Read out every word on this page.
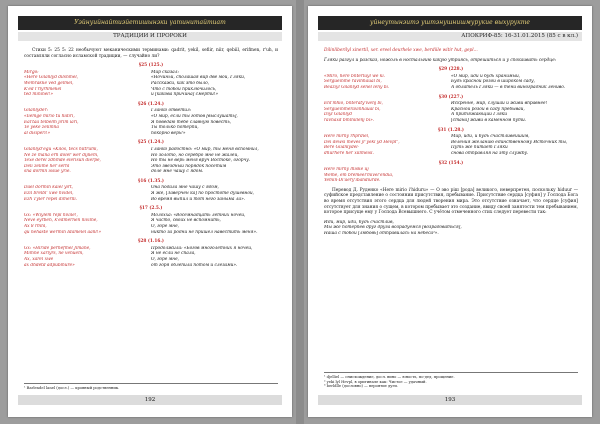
Уэйнуийнайтиэйетишынэки үатинитайтиат
ТРАДИЦИИ И ПРОРОКИ

Стихи 5: 25 5: 22 необычуют меканическими терминами: qadrit, yekil, sefiir, niir, qebiil, erifmen, r'uh, и составляли согласно исламской традиции, — случайно ли?

§25 (125.)
Mirgo:
«Here Gilanlyd dilsnmel,
Wemrakke ved gelmel,
K'ed l'rlyrhmekel
ted mininel!»
Мир сказал:
«Ночиньй, сполашая вир две мой, Гляки,
Расскажи, как это было,
Что с тобой приключилось,
и [какова причина] смерти!»
§26 (1.24.)
Gilanlyder:
«Iiemge mirio tu hidiri,
Eal'taa telbelm jirim iari,
Te yeke zelimna
al disiperi!»
Гланко ответил:
«О мир, если ты готов [выслушать],
Я поведаю тебе славную повесть,
Ты только потерпи,
покорно верь!»
§25 (1.24.)
Gilanlyd'egu «Kilos, tecs hiltrumi,
Ne ze mana erh doler wer dijliem,
Texe derel zdhmde elerisun dierpe,
Deli zelime her sernl
sna dormn issue yrie.
Гланко радостно: «О мир, ты меня вспомнил,
Но золото, но серебро мне не жалей,
Но ты не верь меня вруч Востоке, огорчу.
Это звездный порядок посетим
доле мне чашу с ядом.
§16 (1.35.)
Dael dormin kaiel yirt,
Ezil brelbl' xwe hvidel,
Ezh Tyler repel dimerlli.
Она подала мне чашу с ядом,
Я же, [Заверчен ка] по простоте душевной,
Во время выпил и тот него заныма ла».
§17 (2.5.)
Gx: «Wiylem repl hivile!,
Neve eyrben, k'edmernen nivilne,
Ax 8 rmnl,
qu nehaste wermin Idamelel aanl!»
Молохха: «Восемнадцать летних ночей,
Я часто, своих не вспомнить,
О, горе мне,
никто за родни не пришёл навестить меня».
§28 (1.16.)
Gx: «Hiride perhefmel Jimane,
Mimne xarlyrs, ne venuem,
Ax, xarel xwe
ax dhdetd adpublhure»
Продолжила: «Богов многолетних я ночей,
Я не если не спала,
О, горе мне,
от горя облепила потом и слезами».
¹ Barlendel lanel (досл.) — кровный родственник.
192
уйнеутынэитэ уштэнушнишмурукие выхурукте
АПОКРИФ-85: 16-31.01.2015 (85 с в кл.)

Dilinliberilyl xinertil, xer. ereel deurhele xwe, berdiile witir hut, gepl...

Гляки разгул и разсказ, ножоль в ностальгию какую утриясь, отрешиться и у спокаивать сердце:

§29 (228.)
«Miro, here bnterluyl we ki.
Sergueinme ravinhaual bi,
Beaziyl Gilanlyd senel leny bi.
«О мир, иди и будь хранимый,
Будь красной розой в широком саду,
А облатель Гляки — в тени виноградник лениво.
§30 (227.)
Enl'mhio, bnteraty'ivenj bi,
Sergueinmeravinhaual bi,
Diyl Gilanlyd
ravnaxd bmlnillenj bi».
Искренне, мир, слушай и живи вправнее!
Красной розой в саду пребывай,
А притяжающий Гляки
[стана] живи в каменном пути.
§31 (1.28.)
Here mirny rhprdiel,
Dei dewsi meves jr yekl yd Hevpl",
Bere Giianlydel-
dhurhere her xillmeisl.
Мир, иди, и будь счастливейшим,
Веления желанию единственному Источник ты,
Путь же питает Гляки
снова отправляя на эту службу.
§32 (154.)
Here mirny lhiske uj
Weme, em bremeel'mivel'endia,
Yemin-Di'aery'ibandiurde.

Перевод Д. Руденко «Here mirio i'hiduru» — О эво ріш [рода] великого, неверпретен, поскольку hiduur — суфийское представление о состоянии присутствия, пребывание. Присутствие сердца [суфия] у Господа Бога во время отсутствия этого сердца для людей творения мира. Это отсутствие означает, что сердце [суфия] отсутствует для знания о сущем, в котором пребывает это создание, ввиду своей занятости тем пребыванием, которое присуще ему у Господа Всевышнего. С учётом отмеченного стих следует перевести так:

Иди, мир, иди, будь счастлив,
Мы же потерпев друг друга возрадуемся [возрадоваться],
Наша с тобой [любовь] отправилась на небеса³».
¹ djelliel — снисхождение, досл. вино — юность, по-дед, прощение.
² yeki lyl Hevpl, в оригинале как: Чистое — удачный.
³ berldlle (дословно) — вероятие дуги.
193
